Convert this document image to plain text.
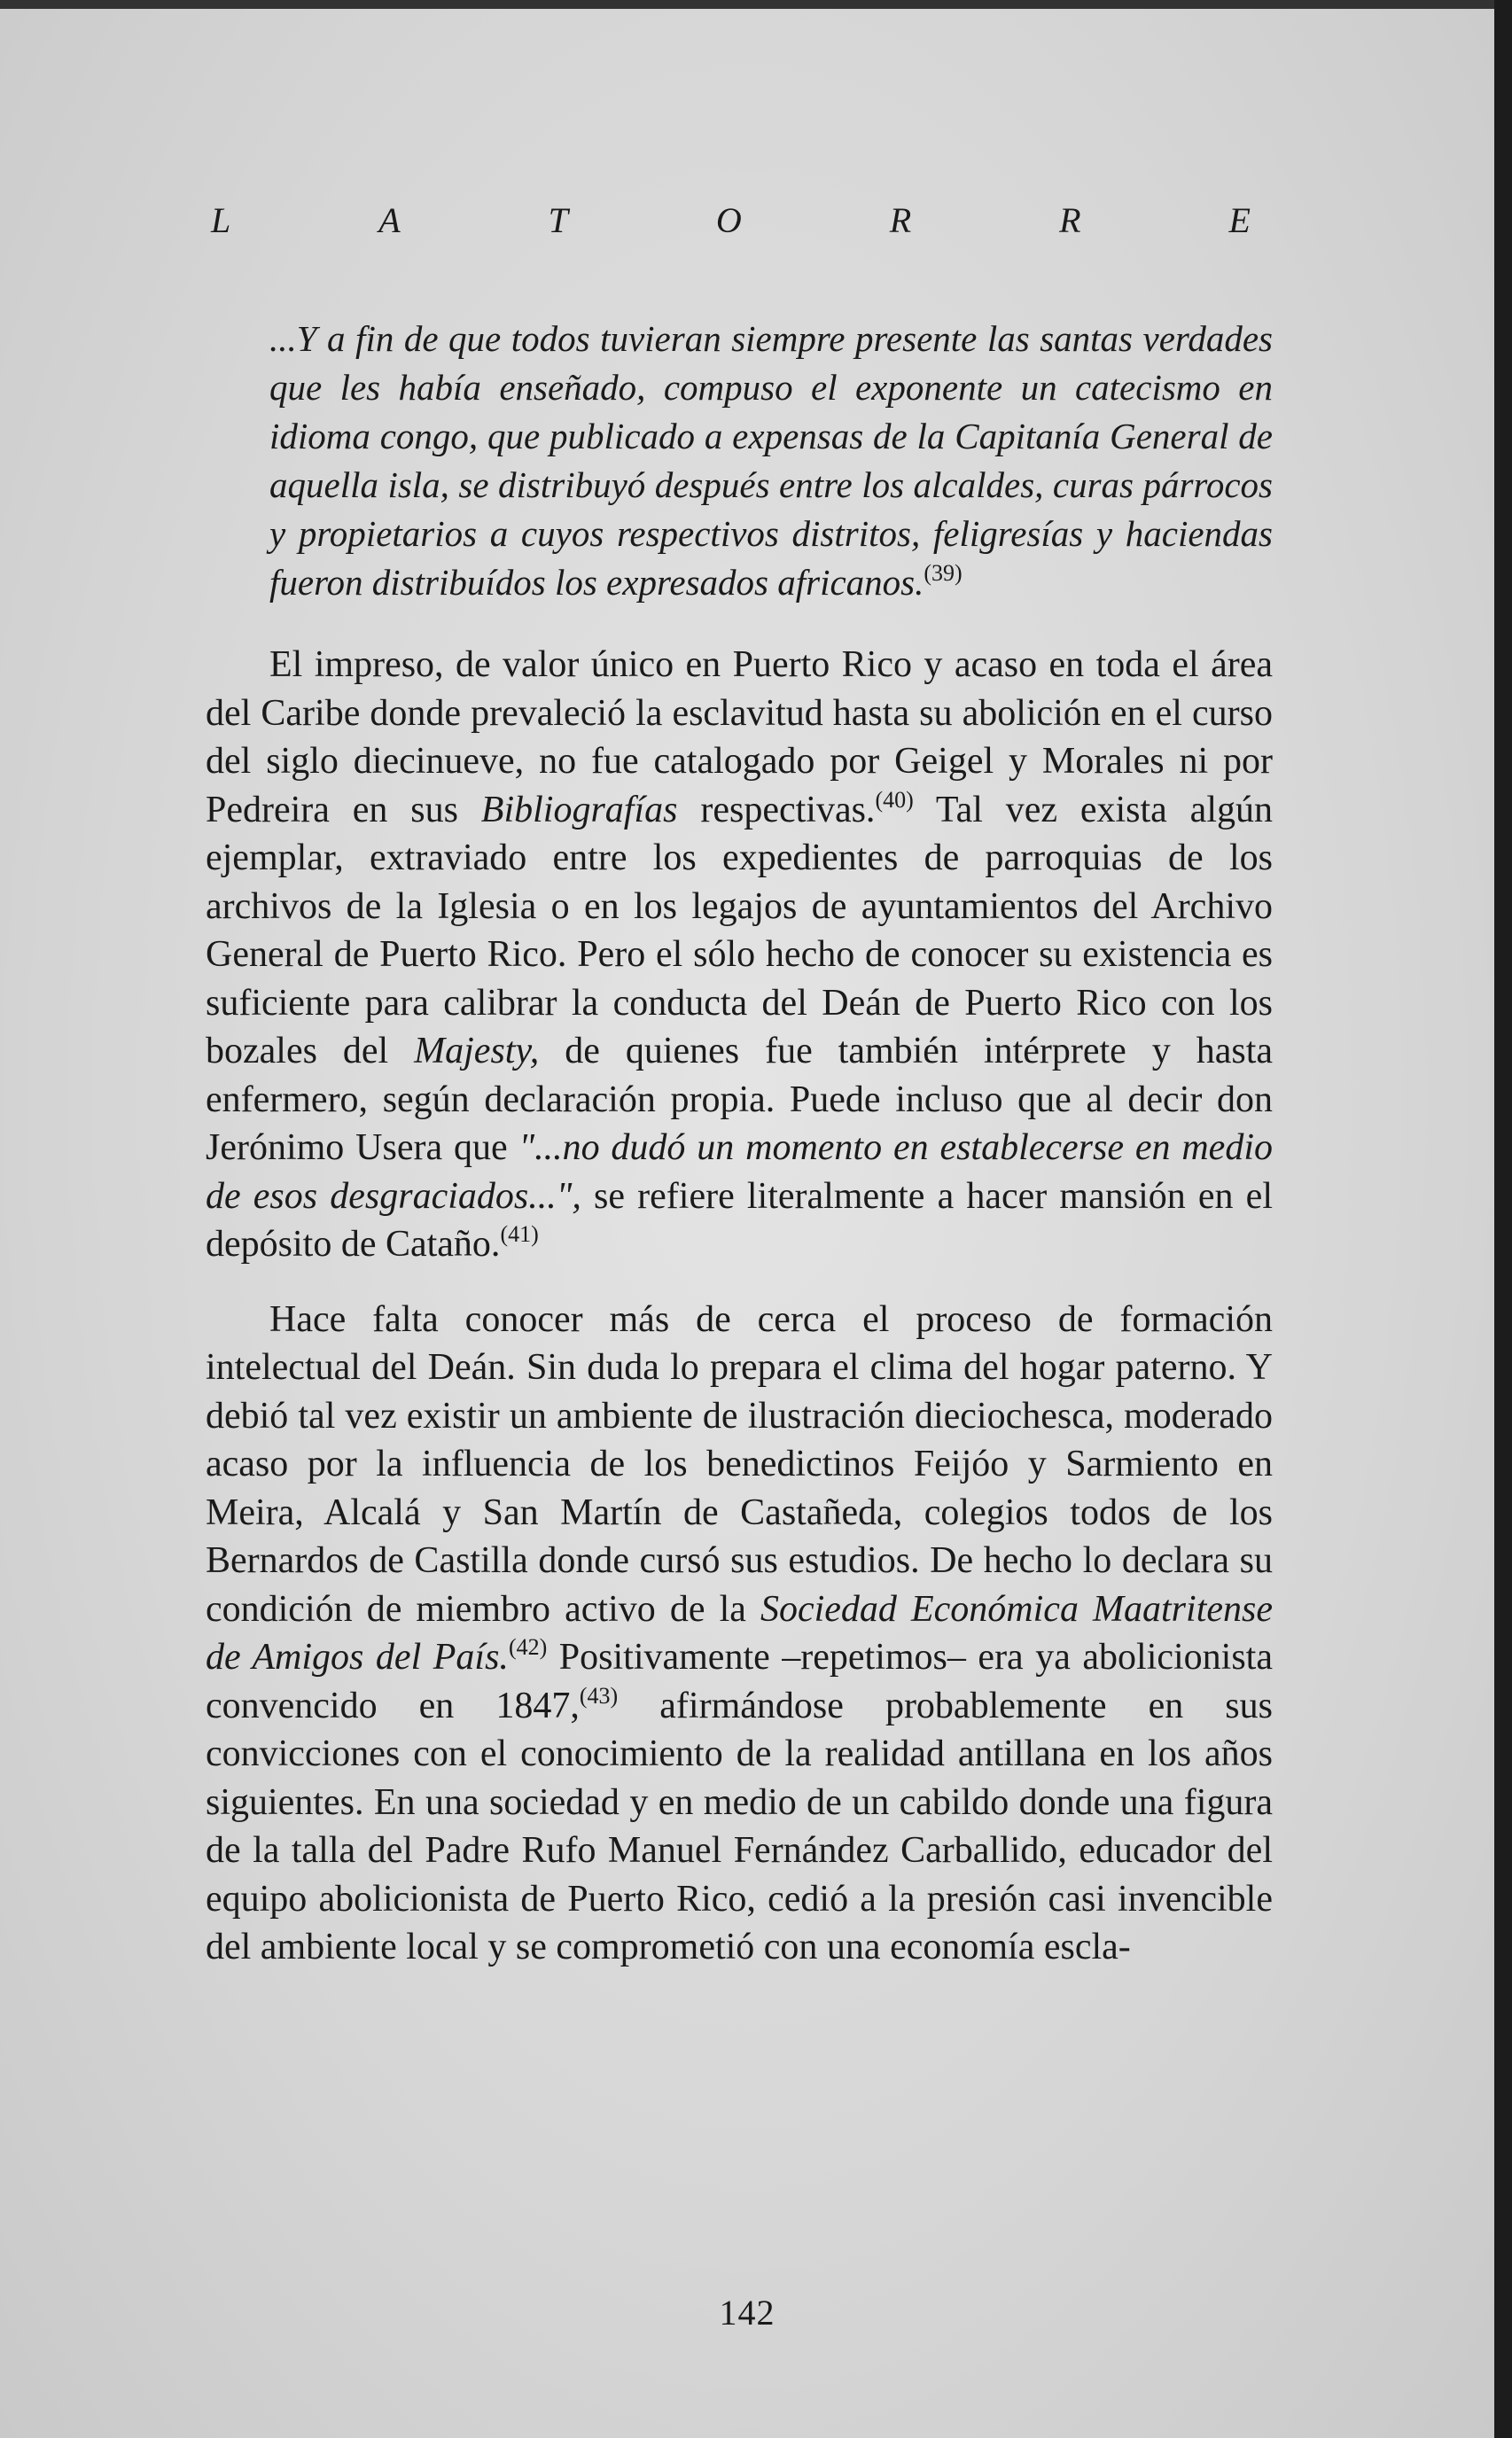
L	A	T	O	R	R	E

...Y a fin de que todos tuvieran siempre presente las santas verdades que les había enseñado, compuso el exponente un catecismo en idioma congo, que publicado a expensas de la Capitanía General de aquella isla, se distribuyó después entre los alcaldes, curas párrocos y propietarios a cuyos respectivos distritos, feligresías y haciendas fueron distribuídos los expresados africanos.$^{(39)}$

El impreso, de valor único en Puerto Rico y acaso en toda el área del Caribe donde prevaleció la esclavitud hasta su abolición en el curso del siglo diecinueve, no fue catalogado por Geigel y Morales ni por Pedreira en sus Bibliografías respectivas.$^{(40)}$ Tal vez exista algún ejemplar, extraviado entre los expedientes de parroquias de los archivos de la Iglesia o en los legajos de ayuntamientos del Archivo General de Puerto Rico. Pero el sólo hecho de conocer su existencia es suficiente para calibrar la conducta del Deán de Puerto Rico con los bozales del Majesty, de quienes fue también intérprete y hasta enfermero, según declaración propia. Puede incluso que al decir don Jerónimo Usera que "...no dudó un momento en establecerse en medio de esos desgraciados...", se refiere literalmente a hacer mansión en el depósito de Cataño.$^{(41)}$

Hace falta conocer más de cerca el proceso de formación intelectual del Deán. Sin duda lo prepara el clima del hogar paterno. Y debió tal vez existir un ambiente de ilustración dieciochesca, moderado acaso por la influencia de los benedictinos Feijóo y Sarmiento en Meira, Alcalá y San Martín de Castañeda, colegios todos de los Bernardos de Castilla donde cursó sus estudios. De hecho lo declara su condición de miembro activo de la Sociedad Económica Maatritense de Amigos del País.$^{(42)}$ Positivamente –repetimos– era ya abolicionista convencido en 1847,$^{(43)}$ afirmándose probablemente en sus convicciones con el conocimiento de la realidad antillana en los años siguientes. En una sociedad y en medio de un cabildo donde una figura de la talla del Padre Rufo Manuel Fernández Carballido, educador del equipo abolicionista de Puerto Rico, cedió a la presión casi invencible del ambiente local y se comprometió con una economía escla-

142
